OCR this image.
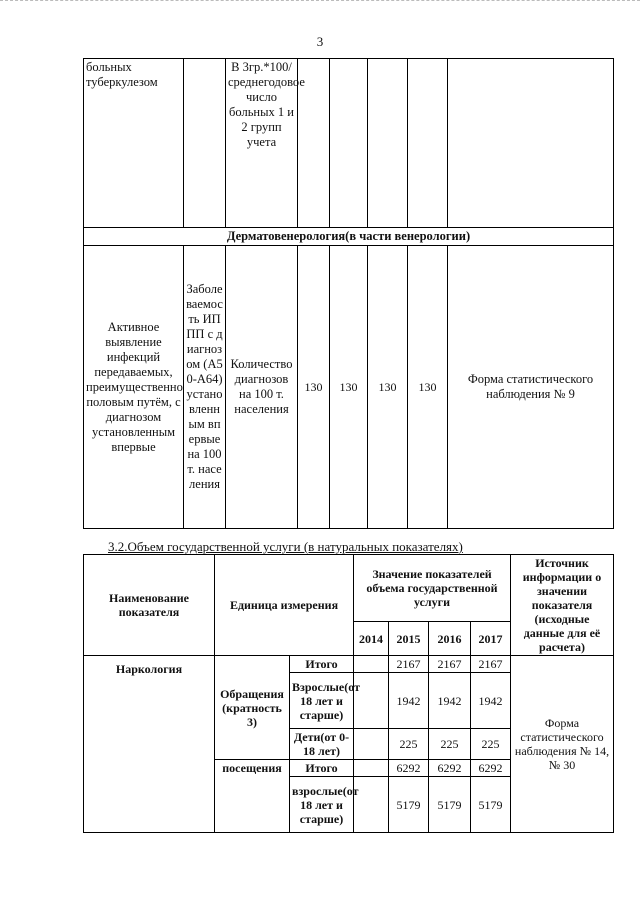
3
больных туберкулезом		В 3гр.*100/среднегодовое число больных 1 и 2 групп учета					
Дерматовенерология(в части венерологии)							
Активное выявление инфекций передаваемых, преимущественно половым путём, с диагнозом установленным впервые	Заболеваемость ИППП с диагнозом (А50-А64) установленным впервые на 100 т. населения	Количество диагнозов на 100 т. населения	130	130	130	130	Форма статистического наблюдения № 9
3.2.Объем государственной услуги (в натуральных показателях)
Наименование показателя	Единица измерения		Значение показателей объема государственной услуги				Источник информации о значении показателя (исходные данные для её расчета)
			2014	2015	2016	2017	
Наркология	Обращения (кратность 3)	Итого		2167	2167	2167	Форма статистического наблюдения № 14, № 30
		Взрослые(от 18 лет и старше)		1942	1942	1942	
		Дети(от 0-18 лет)		225	225	225	
	посещения	Итого		6292	6292	6292	
		взрослые(от 18 лет и старше)		5179	5179	5179	
